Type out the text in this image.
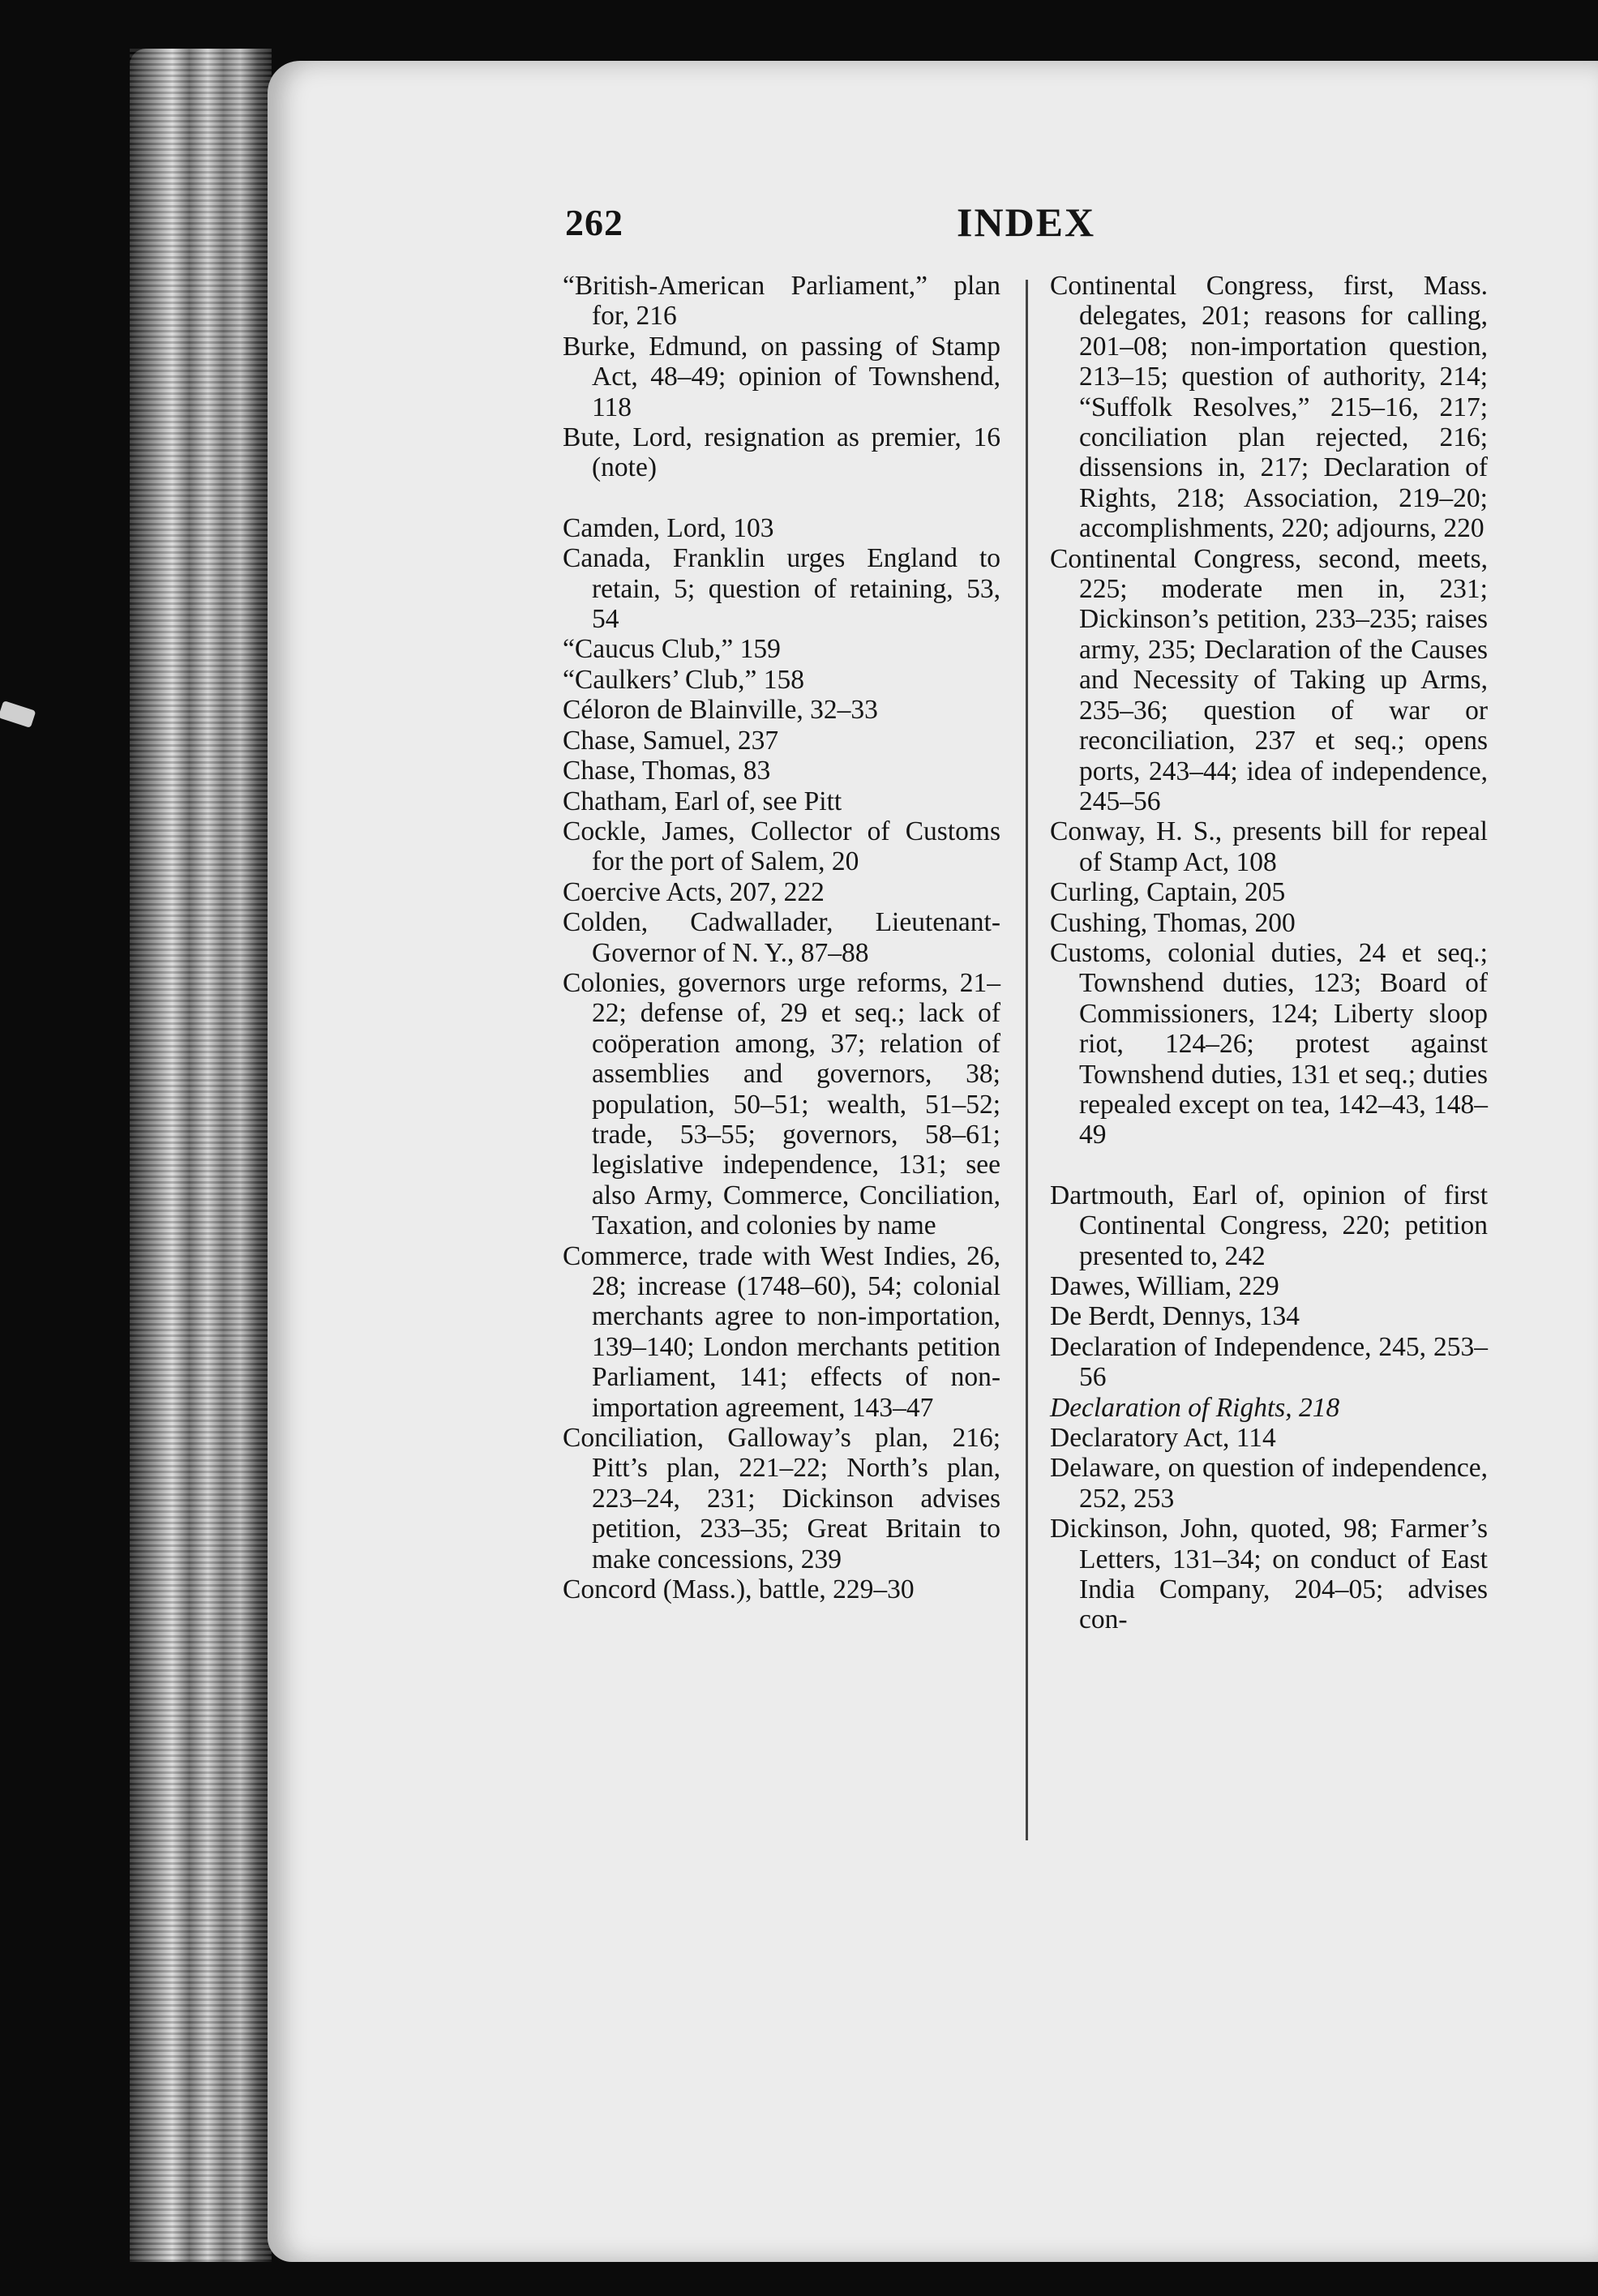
262	INDEX

“British-American Parliament,” plan for, 216

Burke, Edmund, on passing of Stamp Act, 48–49; opinion of Townshend, 118

Bute, Lord, resignation as premier, 16 (note)

Camden, Lord, 103

Canada, Franklin urges England to retain, 5; question of retaining, 53, 54

“Caucus Club,” 159

“Caulkers’ Club,” 158

Céloron de Blainville, 32–33

Chase, Samuel, 237

Chase, Thomas, 83

Chatham, Earl of, see Pitt

Cockle, James, Collector of Customs for the port of Salem, 20

Coercive Acts, 207, 222

Colden, Cadwallader, Lieutenant-Governor of N. Y., 87–88

Colonies, governors urge reforms, 21–22; defense of, 29 et seq.; lack of coöperation among, 37; relation of assemblies and governors, 38; population, 50–51; wealth, 51–52; trade, 53–55; governors, 58–61; legislative independence, 131; see also Army, Commerce, Conciliation, Taxation, and colonies by name

Commerce, trade with West Indies, 26, 28; increase (1748–60), 54; colonial merchants agree to non-importation, 139–140; London merchants petition Parliament, 141; effects of non-importation agreement, 143–47

Conciliation, Galloway’s plan, 216; Pitt’s plan, 221–22; North’s plan, 223–24, 231; Dickinson advises petition, 233–35; Great Britain to make concessions, 239

Concord (Mass.), battle, 229–30

Continental Congress, first, Mass. delegates, 201; reasons for calling, 201–08; non-importation question, 213–15; question of authority, 214; “Suffolk Resolves,” 215–16, 217; conciliation plan rejected, 216; dissensions in, 217; Declaration of Rights, 218; Association, 219–20; accomplishments, 220; adjourns, 220

Continental Congress, second, meets, 225; moderate men in, 231; Dickinson’s petition, 233–235; raises army, 235; Declaration of the Causes and Necessity of Taking up Arms, 235–36; question of war or reconciliation, 237 et seq.; opens ports, 243–44; idea of independence, 245–56

Conway, H. S., presents bill for repeal of Stamp Act, 108

Curling, Captain, 205

Cushing, Thomas, 200

Customs, colonial duties, 24 et seq.; Townshend duties, 123; Board of Commissioners, 124; Liberty sloop riot, 124–26; protest against Townshend duties, 131 et seq.; duties repealed except on tea, 142–43, 148–49

Dartmouth, Earl of, opinion of first Continental Congress, 220; petition presented to, 242

Dawes, William, 229

De Berdt, Dennys, 134

Declaration of Independence, 245, 253–56

Declaration of Rights, 218

Declaratory Act, 114

Delaware, on question of independence, 252, 253

Dickinson, John, quoted, 98; Farmer’s Letters, 131–34; on conduct of East India Company, 204–05; advises con-
